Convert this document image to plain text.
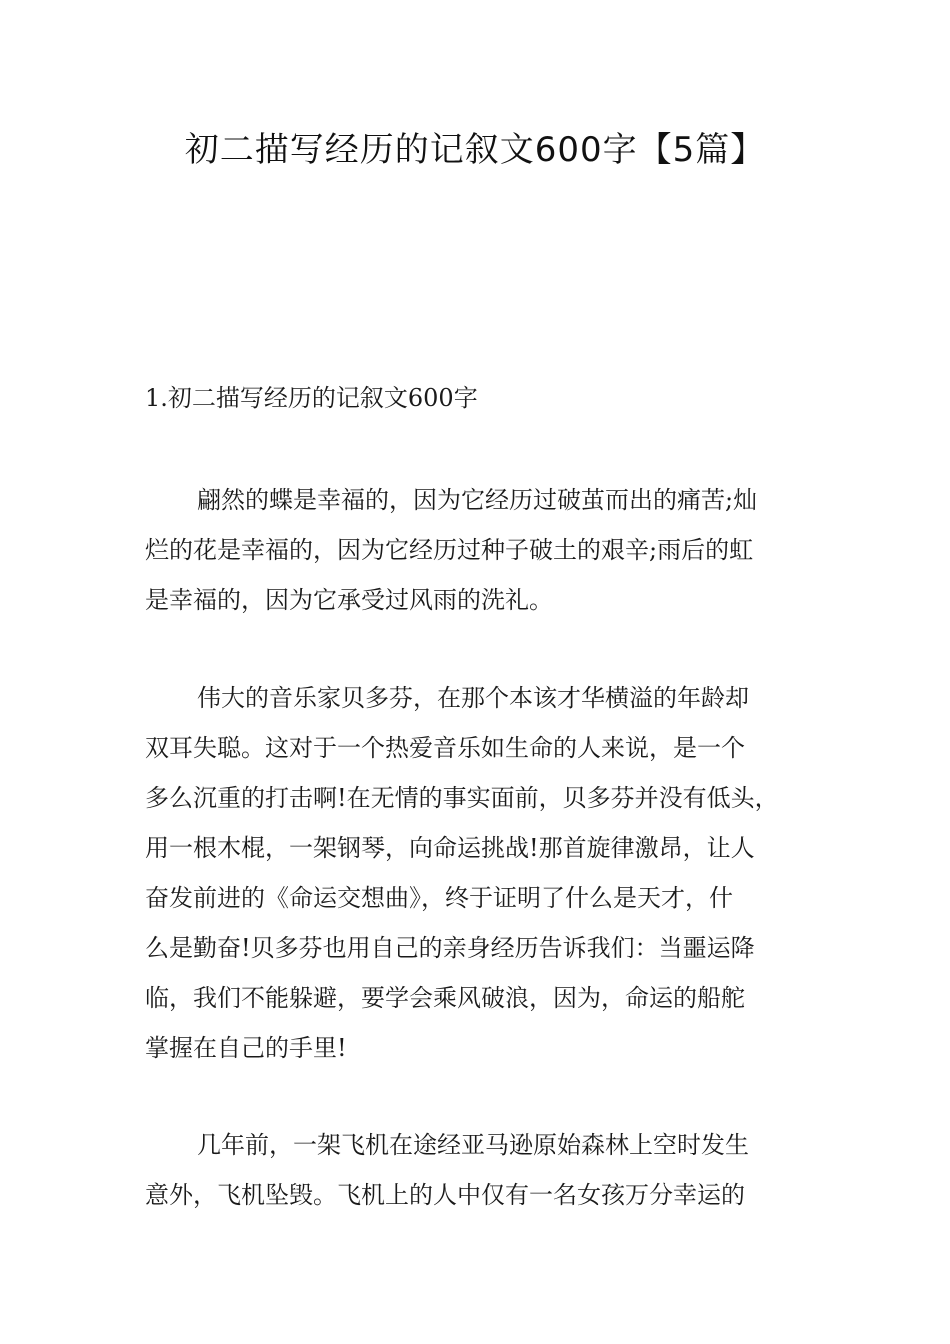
初二描写经历的记叙文600字【5篇】
1.初二描写经历的记叙文600字

翩然的蝶是幸福的，因为它经历过破茧而出的痛苦;灿
烂的花是幸福的，因为它经历过种子破土的艰辛;雨后的虹
是幸福的，因为它承受过风雨的洗礼。

伟大的音乐家贝多芬，在那个本该才华横溢的年龄却
双耳失聪。这对于一个热爱音乐如生命的人来说，是一个
多么沉重的打击啊!在无情的事实面前，贝多芬并没有低头，
用一根木棍，一架钢琴，向命运挑战!那首旋律激昂，让人
奋发前进的《命运交想曲》，终于证明了什么是天才，什
么是勤奋!贝多芬也用自己的亲身经历告诉我们：当噩运降
临，我们不能躲避，要学会乘风破浪，因为，命运的船舵
掌握在自己的手里!

几年前，一架飞机在途经亚马逊原始森林上空时发生
意外，飞机坠毁。飞机上的人中仅有一名女孩万分幸运的
